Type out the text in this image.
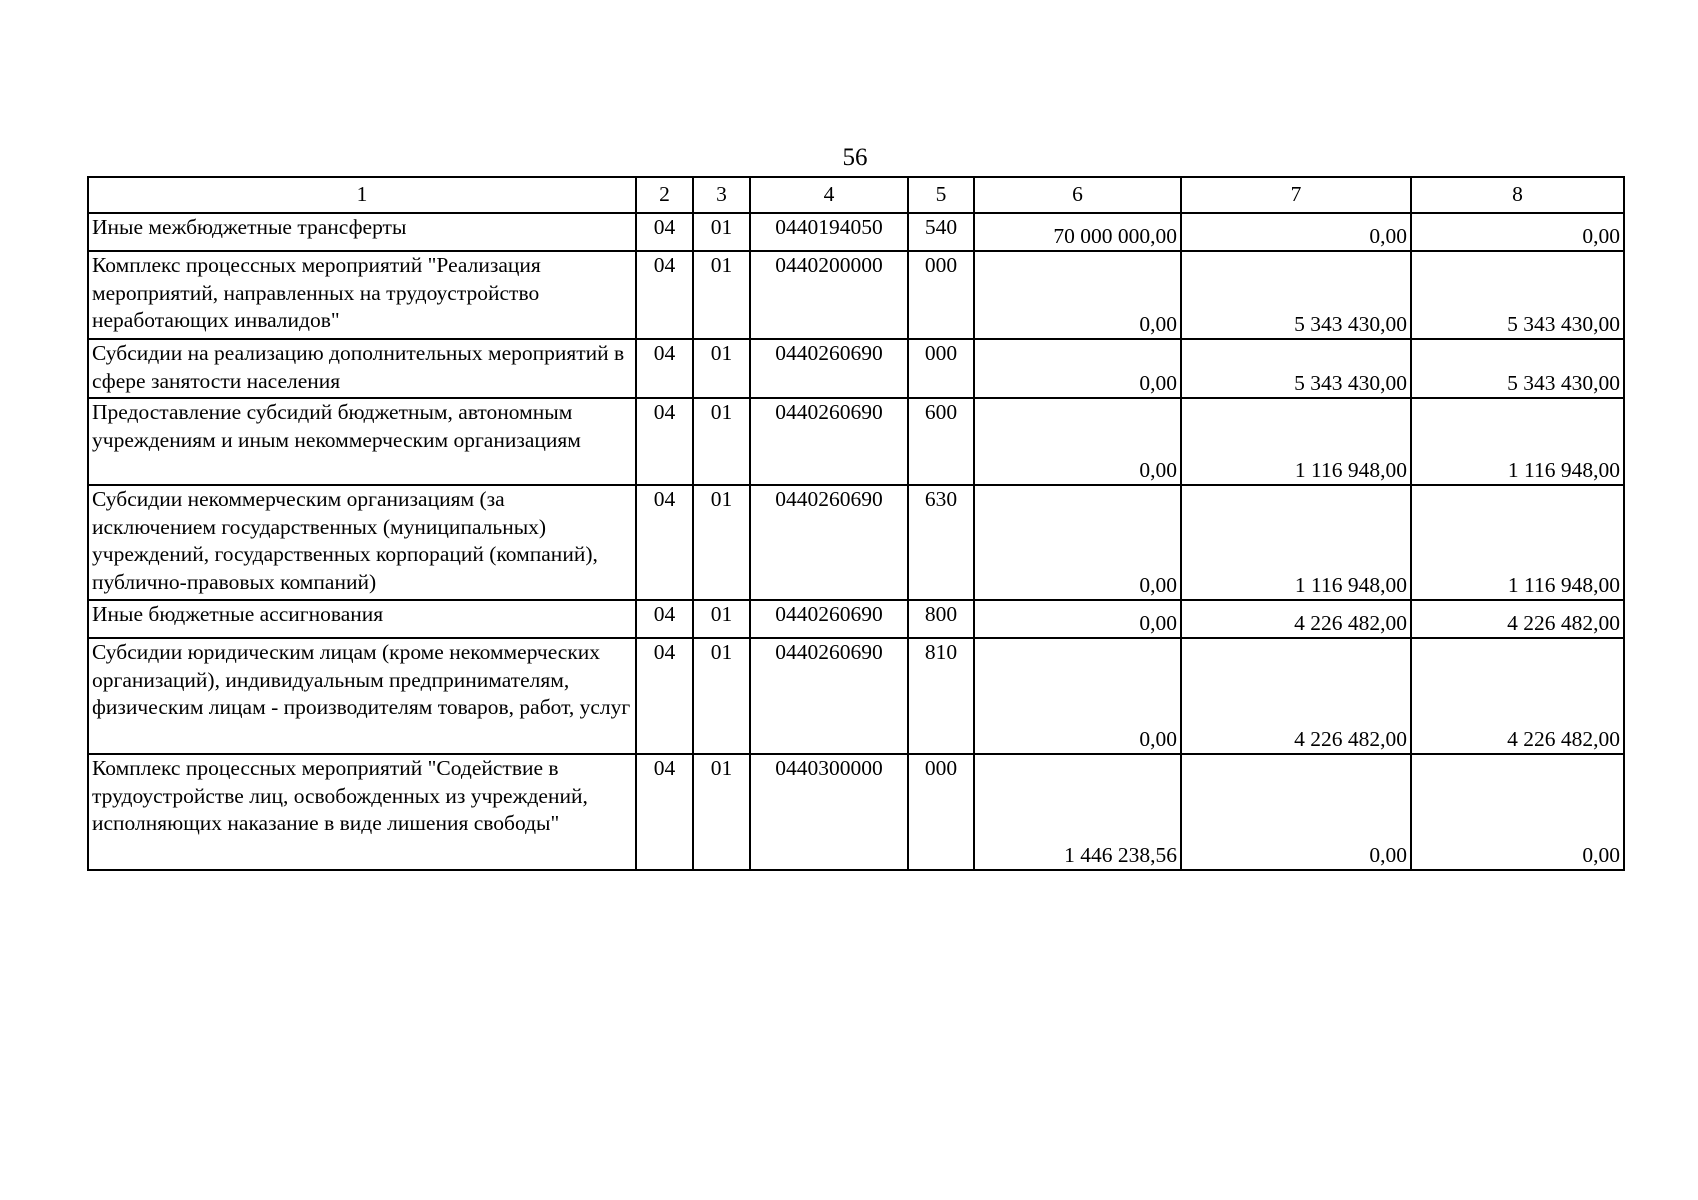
56
1	2	3	4	5	6	7	8
Иные межбюджетные трансферты	04	01	0440194050	540	70 000 000,00	0,00	0,00
Комплекс процессных мероприятий "Реализация мероприятий, направленных на трудоустройство неработающих инвалидов"	04	01	0440200000	000	0,00	5 343 430,00	5 343 430,00
Субсидии на реализацию дополнительных мероприятий в сфере занятости населения	04	01	0440260690	000	0,00	5 343 430,00	5 343 430,00
Предоставление субсидий бюджетным, автономным учреждениям и иным некоммерческим организациям	04	01	0440260690	600	0,00	1 116 948,00	1 116 948,00
Субсидии некоммерческим организациям (за исключением государственных (муниципальных) учреждений, государственных корпораций (компаний), публично-правовых компаний)	04	01	0440260690	630	0,00	1 116 948,00	1 116 948,00
Иные бюджетные ассигнования	04	01	0440260690	800	0,00	4 226 482,00	4 226 482,00
Субсидии юридическим лицам (кроме некоммерческих организаций), индивидуальным предпринимателям, физическим лицам - производителям товаров, работ, услуг	04	01	0440260690	810	0,00	4 226 482,00	4 226 482,00
Комплекс процессных мероприятий "Содействие в трудоустройстве лиц, освобожденных из учреждений, исполняющих наказание в виде лишения свободы"	04	01	0440300000	000	1 446 238,56	0,00	0,00
